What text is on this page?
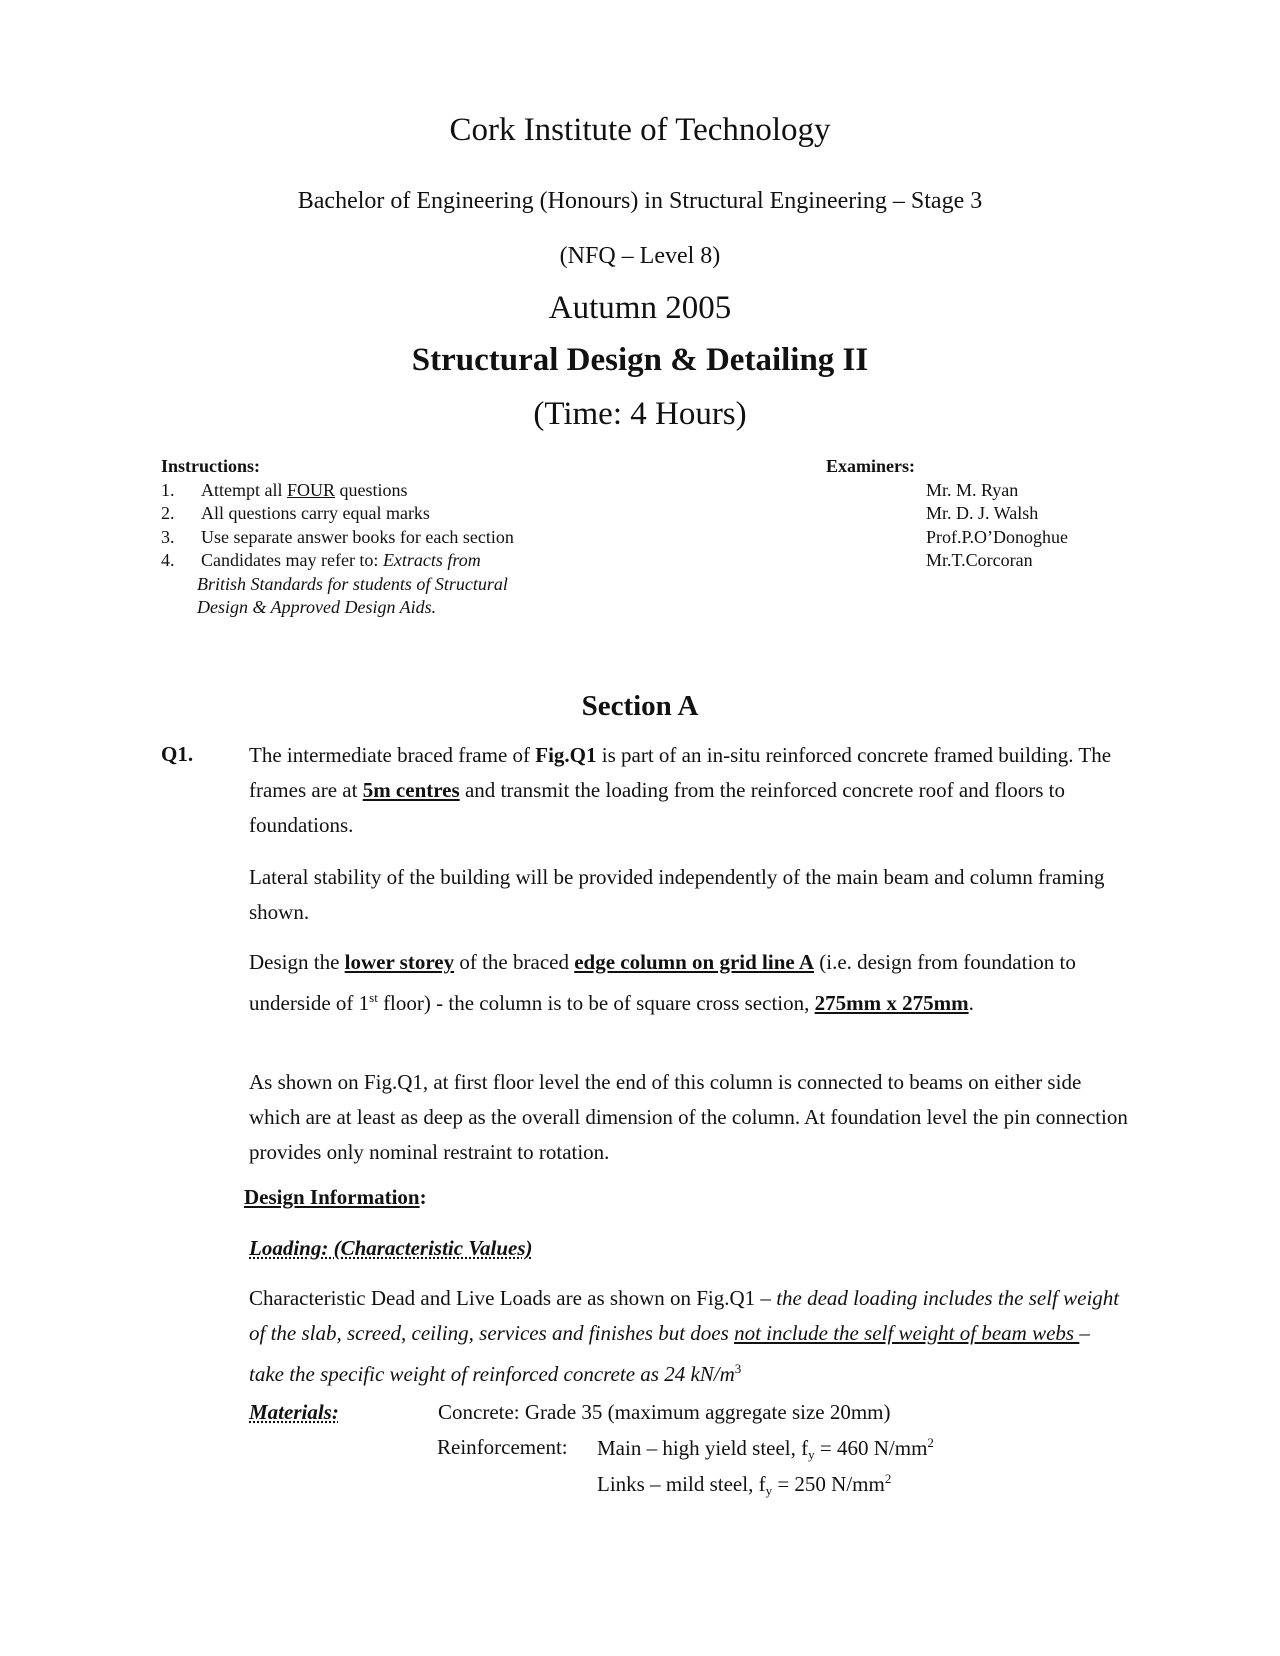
Cork Institute of Technology
Bachelor of Engineering (Honours) in Structural Engineering – Stage 3
(NFQ – Level 8)
Autumn 2005
Structural Design & Detailing II
(Time: 4 Hours)
Instructions:
1. Attempt all FOUR questions
2. All questions carry equal marks
3. Use separate answer books for each section
4. Candidates may refer to: Extracts from
British Standards for students of Structural
Design & Approved Design Aids.
Examiners:
Mr. M. Ryan
Mr. D. J. Walsh
Prof.P.O’Donoghue
Mr.T.Corcoran
Section A
Q1.	The intermediate braced frame of Fig.Q1 is part of an in-situ reinforced concrete framed building. The frames are at 5m centres and transmit the loading from the reinforced concrete roof and floors to foundations.
Lateral stability of the building will be provided independently of the main beam and column framing shown.
Design the lower storey of the braced edge column on grid line A (i.e. design from foundation to underside of 1st floor) - the column is to be of square cross section, 275mm x 275mm.
As shown on Fig.Q1, at first floor level the end of this column is connected to beams on either side which are at least as deep as the overall dimension of the column. At foundation level the pin connection provides only nominal restraint to rotation.
Design Information:
Loading: (Characteristic Values)
Characteristic Dead and Live Loads are as shown on Fig.Q1 – the dead loading includes the self weight of the slab, screed, ceiling, services and finishes but does not include the self weight of beam webs – take the specific weight of reinforced concrete as 24 $kN/m^3$
Materials:	Concrete: Grade 35 (maximum aggregate size 20mm)
Reinforcement: Main – high yield steel, $f_y = 460$ $N/mm^2$
Links – mild steel, $f_y = 250$ $N/mm^2$
